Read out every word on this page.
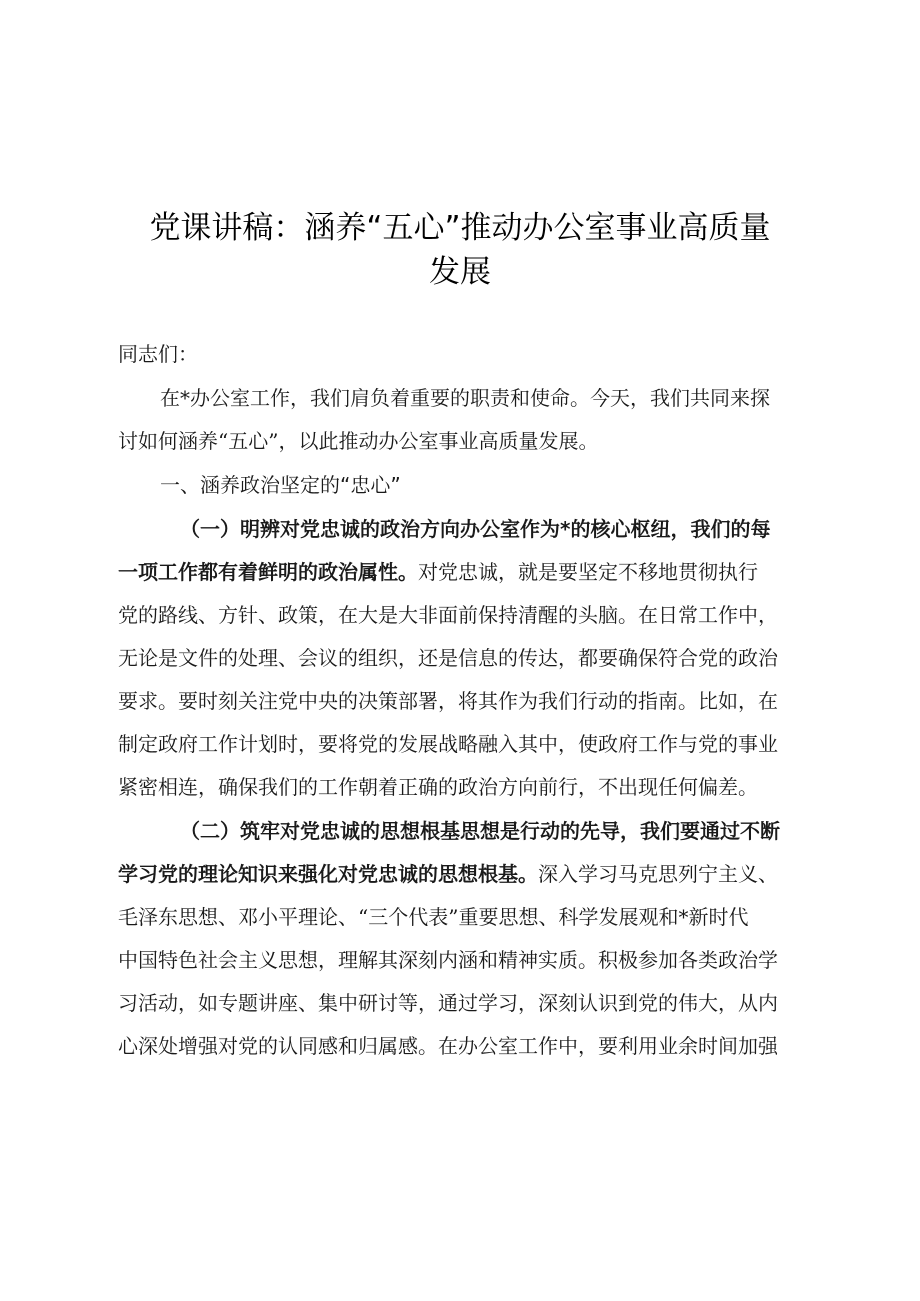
党课讲稿：涵养“五心”推动办公室事业高质量
发展

同志们：

在*办公室工作，我们肩负着重要的职责和使命。今天，我们共同来探

讨如何涵养“五心”，以此推动办公室事业高质量发展。

一、涵养政治坚定的“忠心”

（一）明辨对党忠诚的政治方向办公室作为*的核心枢纽，我们的每

一项工作都有着鲜明的政治属性。对党忠诚，就是要坚定不移地贯彻执行

党的路线、方针、政策，在大是大非面前保持清醒的头脑。在日常工作中，

无论是文件的处理、会议的组织，还是信息的传达，都要确保符合党的政治

要求。要时刻关注党中央的决策部署，将其作为我们行动的指南。比如，在

制定政府工作计划时，要将党的发展战略融入其中，使政府工作与党的事业

紧密相连，确保我们的工作朝着正确的政治方向前行，不出现任何偏差。

（二）筑牢对党忠诚的思想根基思想是行动的先导，我们要通过不断

学习党的理论知识来强化对党忠诚的思想根基。深入学习马克思列宁主义、

毛泽东思想、邓小平理论、“三个代表”重要思想、科学发展观和*新时代

中国特色社会主义思想，理解其深刻内涵和精神实质。积极参加各类政治学

习活动，如专题讲座、集中研讨等，通过学习，深刻认识到党的伟大，从内

心深处增强对党的认同感和归属感。在办公室工作中，要利用业余时间加强
